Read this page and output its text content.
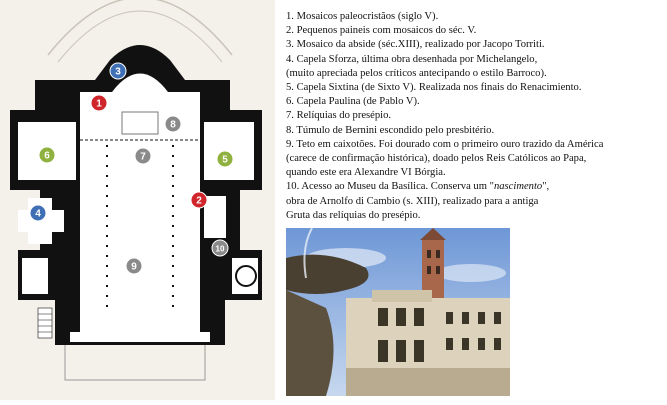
1
2
3
4
5
6	7
8
9
10
1. Mosaicos paleocristãos (siglo V).
2. Pequenos paineis com mosaicos do séc. V.
3. Mosaico da abside (séc.XIII), realizado por Jacopo Torriti.
4. Capela Sforza, última obra desenhada por Michelangelo,
(muito apreciada pelos críticos antecipando o estilo Barroco).
5. Capela Sixtina (de Sixto V). Realizada nos finais do Renacimiento.
6. Capela Paulina (de Pablo V).
7. Relíquias do presépio.
8. Túmulo de Bernini escondido pelo presbitério.
9. Teto em caixotões. Foi dourado com o primeiro ouro trazido da América
(carece de confirmação histórica), doado pelos Reis Católicos ao Papa,
quando este era Alexandre VI Bórgia.
10. Acesso ao Museu da Basílica. Conserva um "nascimento",
obra de Arnolfo di Cambio (s. XIII), realizado para a antiga
Gruta das relíquias do presépio.
